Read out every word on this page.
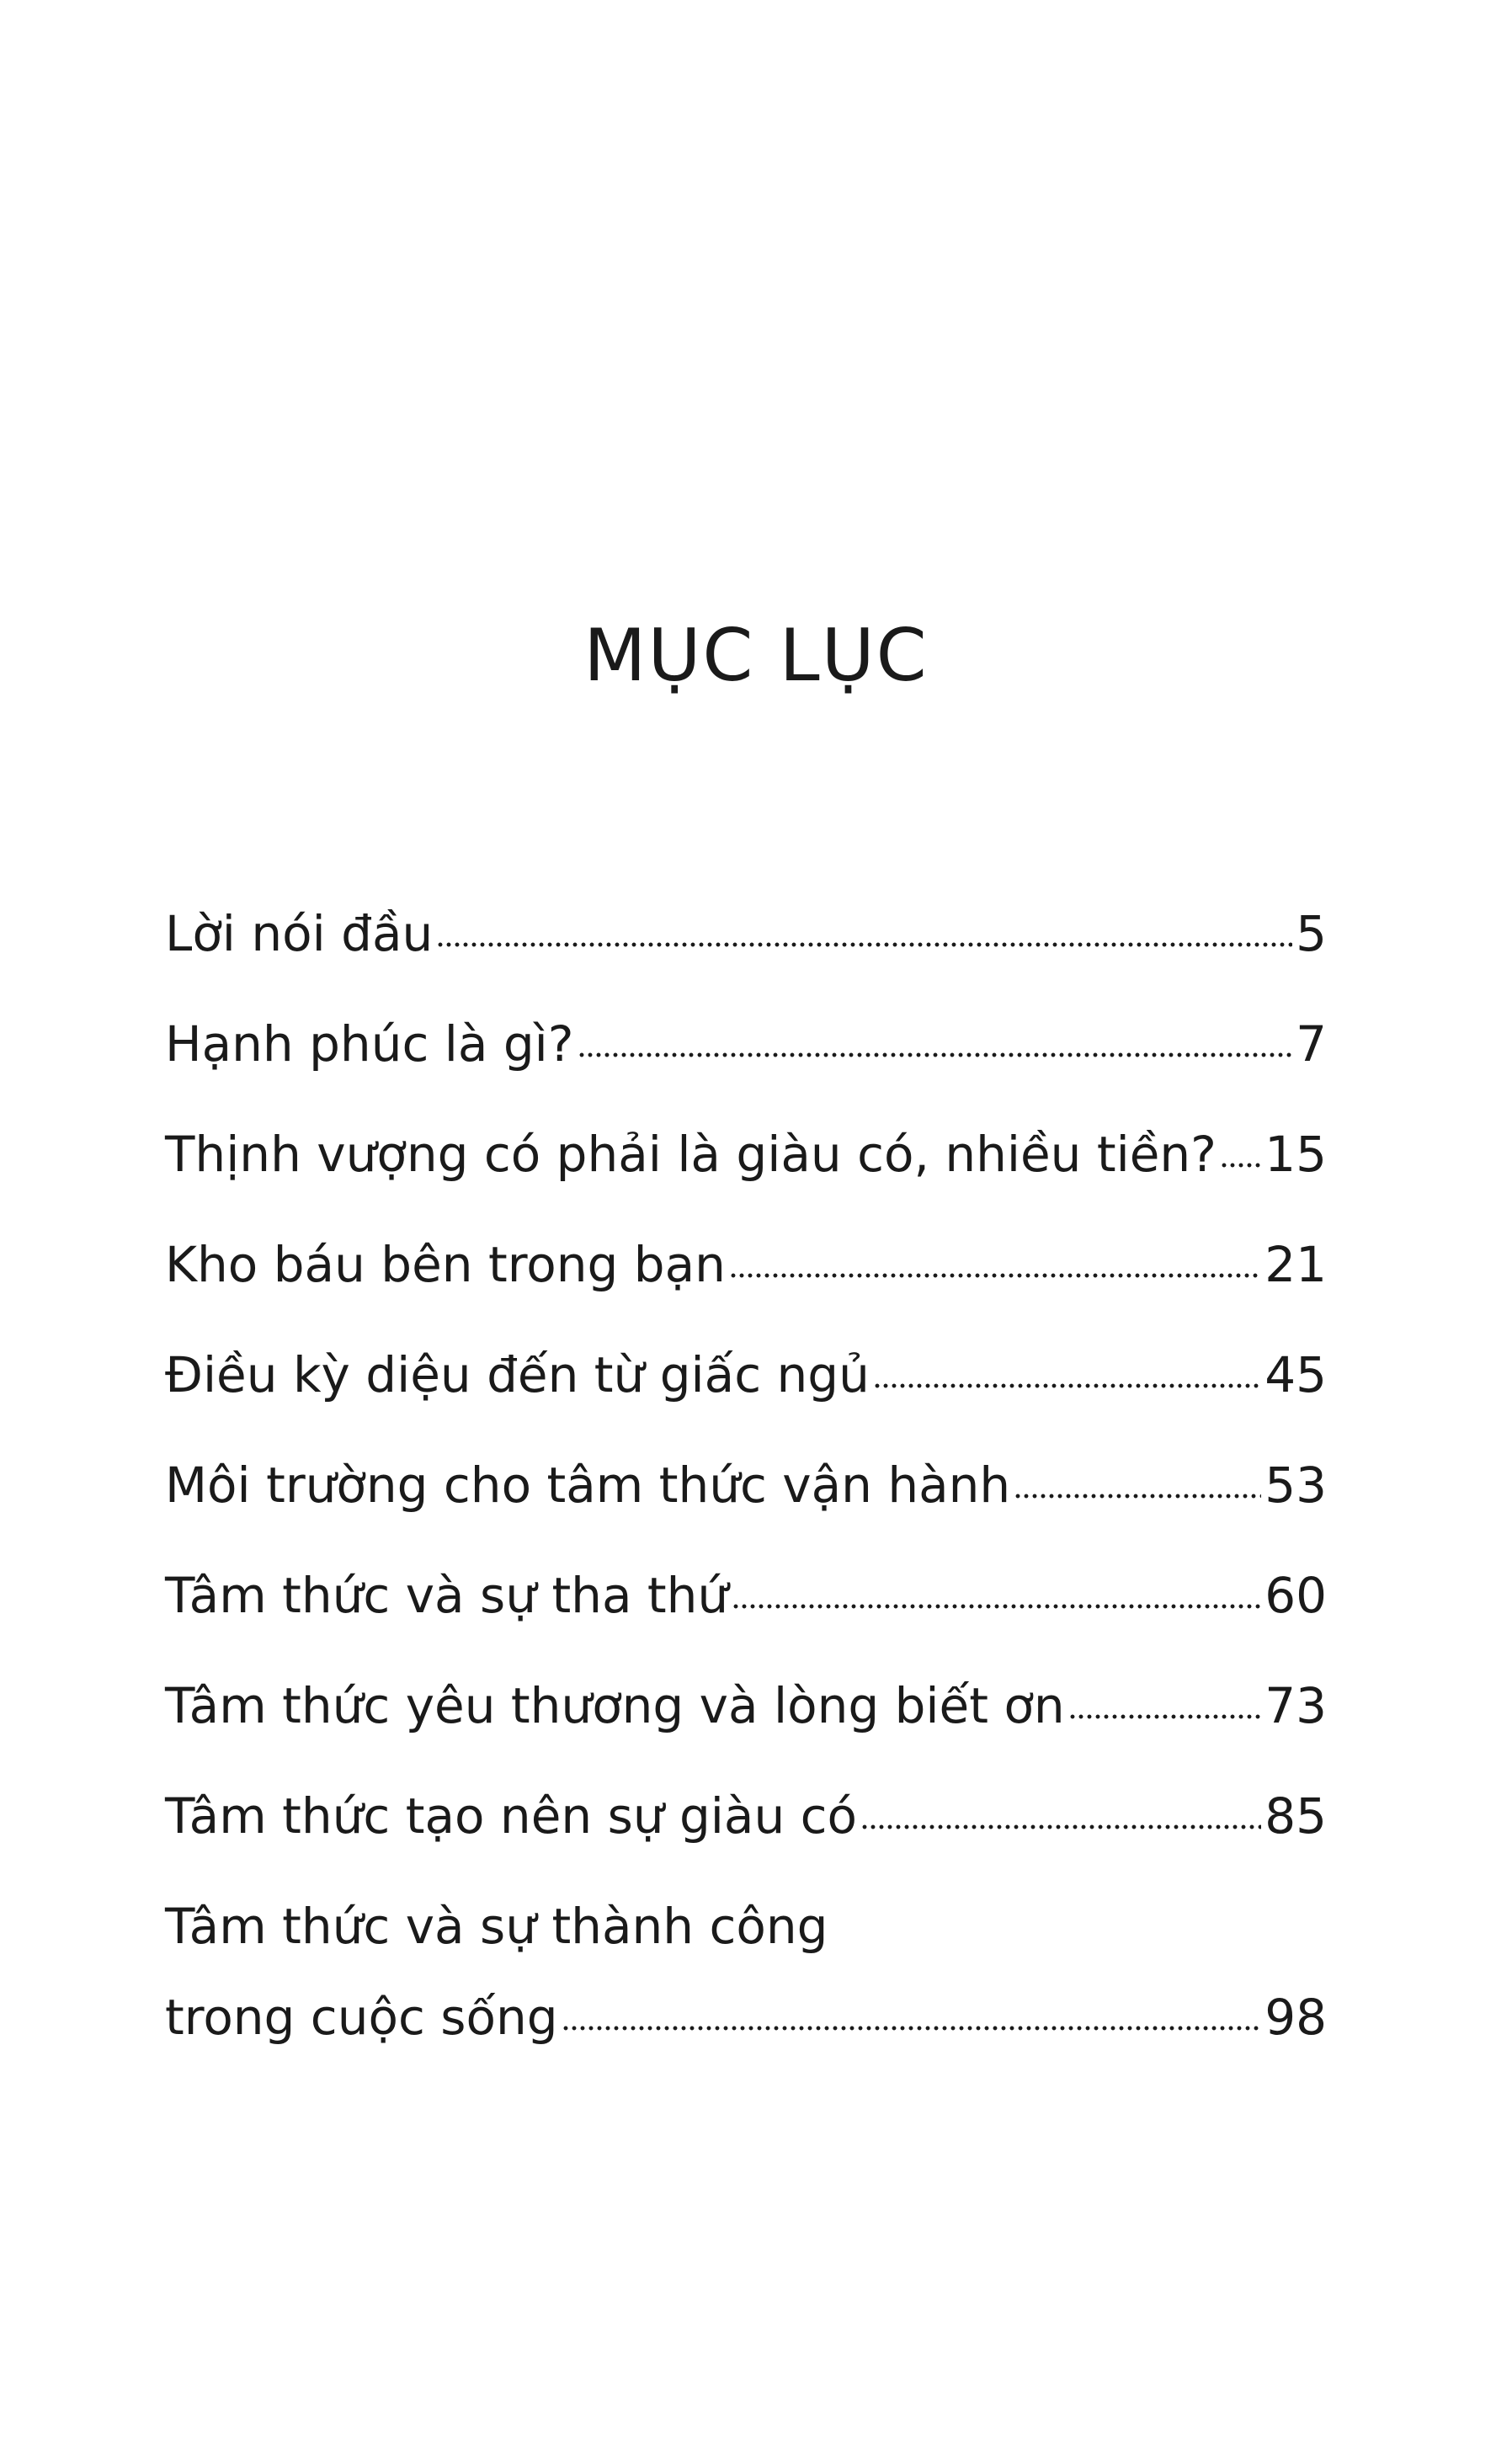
MỤC LỤC
Lời nói đầu	5
Hạnh phúc là gì?	7
Thịnh vượng có phải là giàu có, nhiều tiền? 15
Kho báu bên trong bạn	21
Điều kỳ diệu đến từ giấc ngủ	45
Môi trường cho tâm thức vận hành	53
Tâm thức và sự tha thứ	60
Tâm thức yêu thương và lòng biết ơn	73
Tâm thức tạo nên sự giàu có	85
Tâm thức và sự thành công
trong cuộc sống	98
